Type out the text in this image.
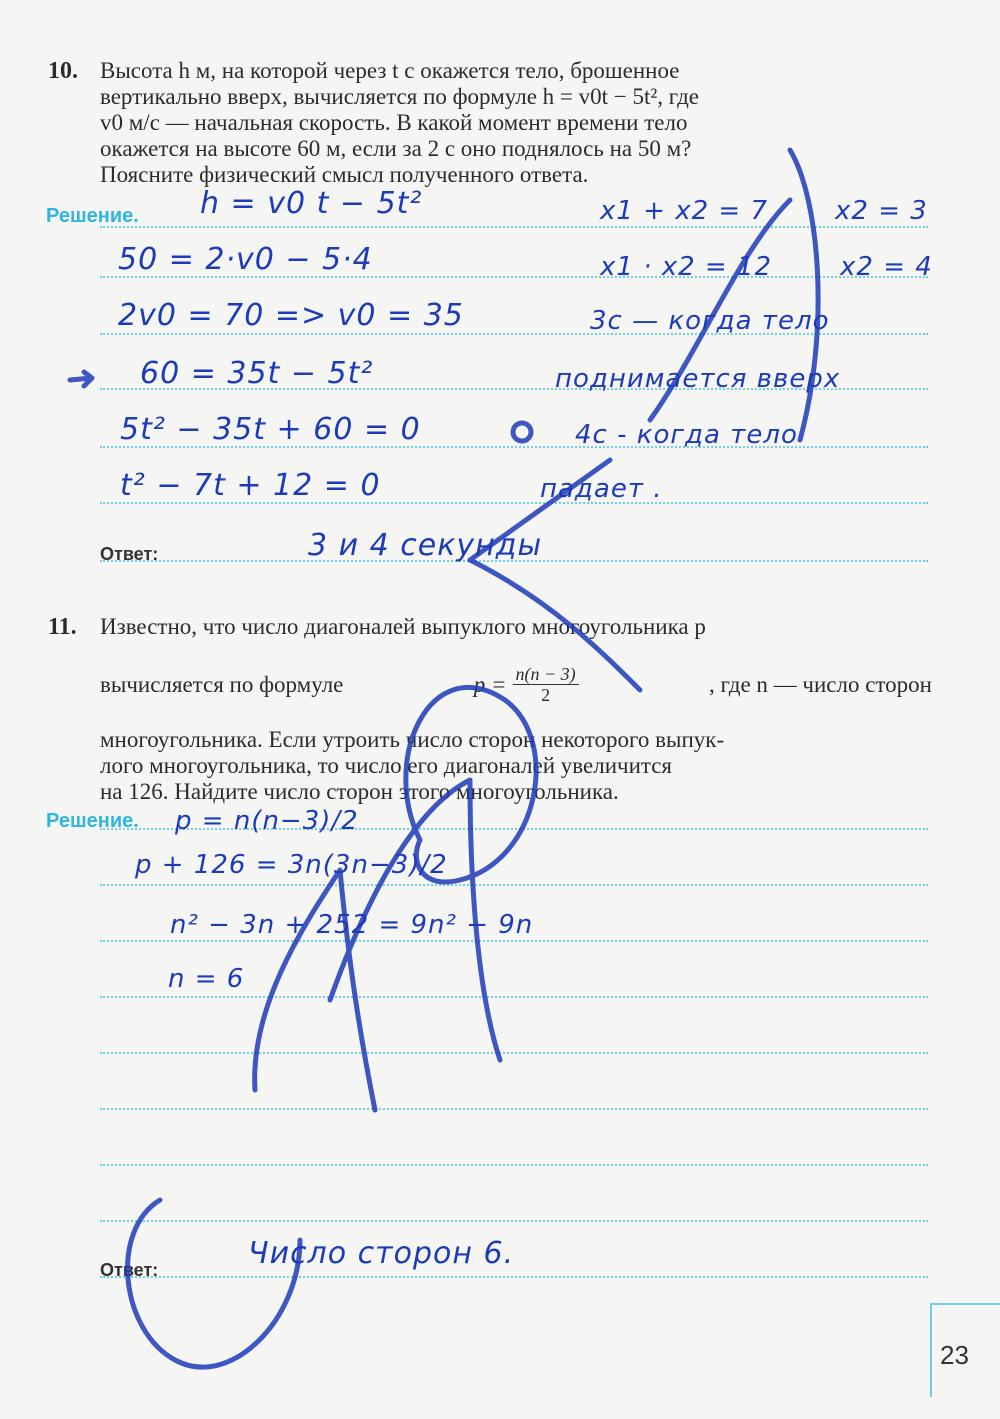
10. Высота h м, на которой через t с окажется тело, брошенное
вертикально вверх, вычисляется по формуле h = v0t − 5t², где
v0 м/с — начальная скорость. В какой момент времени тело
окажется на высоте 60 м, если за 2 с оно поднялось на 50 м?
Поясните физический смысл полученного ответа.
Решение. h = v0 t − 5t²
50 = 2·v0 − 5·4
2v0 = 70 => v0 = 35
60 = 35t − 5t²
5t² − 35t + 60 = 0
t² − 7t + 12 = 0
x1 + x2 = 7
x1 · x2 = 12
x2 = 3
x2 = 4
3с — когда тело
поднимается вверх
4с - когда тело
падает .
Ответ:	3 и 4 секунды
11. Известно, что число диагоналей выпуклого многоугольника p
вычисляется по формуле	$p = \frac{n(n - 3)}{2}$	, где n — число сторон
многоугольника. Если утроить число сторон некоторого выпук-
лого многоугольника, то число его диагоналей увеличится
на 126. Найдите число сторон этого многоугольника.
Решение. p = n(n−3)/2
p + 126 = 3n(3n−3)/2
n² − 3n + 252 = 9n² − 9n
n = 6
Ответ:	Число сторон 6.
23
